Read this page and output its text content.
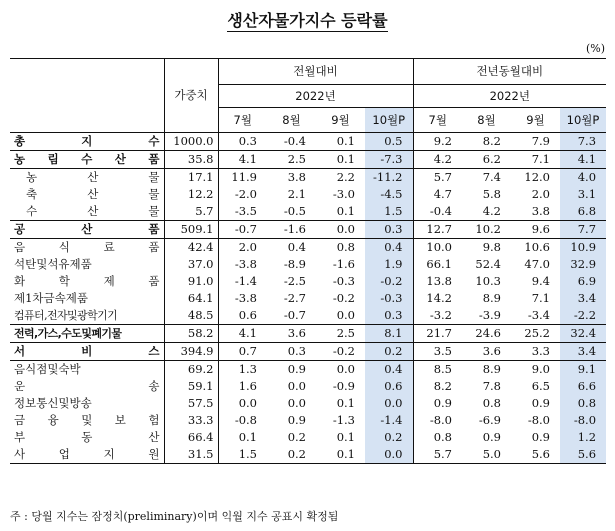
생산자물가지수 등락률
(%)
	가중치	전월대비				전년동월대비			
		2022년				2022년			
		7월	8월	9월	10월P	7월	8월	9월	10월P
총 지 수	1000.0	0.3	-0.4	0.1	0.5	9.2	8.2	7.9	7.3
농 림 수 산 품	35.8	4.1	2.5	0.1	-7.3	4.2	6.2	7.1	4.1
농 산 물	17.1	11.9	3.8	2.2	-11.2	5.7	7.4	12.0	4.0
축 산 물	12.2	-2.0	2.1	-3.0	-4.5	4.7	5.8	2.0	3.1
수 산 물	5.7	-3.5	-0.5	0.1	1.5	-0.4	4.2	3.8	6.8
공 산 품	509.1	-0.7	-1.6	0.0	0.3	12.7	10.2	9.6	7.7
음 식 료 품	42.4	2.0	0.4	0.8	0.4	10.0	9.8	10.6	10.9
석탄및석유제품	37.0	-3.8	-8.9	-1.6	1.9	66.1	52.4	47.0	32.9
화 학 제 품	91.0	-1.4	-2.5	-0.3	-0.2	13.8	10.3	9.4	6.9
제1차금속제품	64.1	-3.8	-2.7	-0.2	-0.3	14.2	8.9	7.1	3.4
컴퓨터,전자및광학기기	48.5	0.6	-0.7	0.0	0.3	-3.2	-3.9	-3.4	-2.2
전력,가스,수도및폐기물	58.2	4.1	3.6	2.5	8.1	21.7	24.6	25.2	32.4
서 비 스	394.9	0.7	0.3	-0.2	0.2	3.5	3.6	3.3	3.4
음식점및숙박	69.2	1.3	0.9	0.0	0.4	8.5	8.9	9.0	9.1
운 송	59.1	1.6	0.0	-0.9	0.6	8.2	7.8	6.5	6.6
정보통신및방송	57.5	0.0	0.0	0.1	0.0	0.9	0.8	0.9	0.8
금 융 및 보 험	33.3	-0.8	0.9	-1.3	-1.4	-8.0	-6.9	-8.0	-8.0
부 동 산	66.4	0.1	0.2	0.1	0.2	0.8	0.9	0.9	1.2
사 업 지 원	31.5	1.5	0.2	0.1	0.0	5.7	5.0	5.6	5.6
주 : 당월 지수는 잠정치(preliminary)이며 익월 지수 공표시 확정됨
